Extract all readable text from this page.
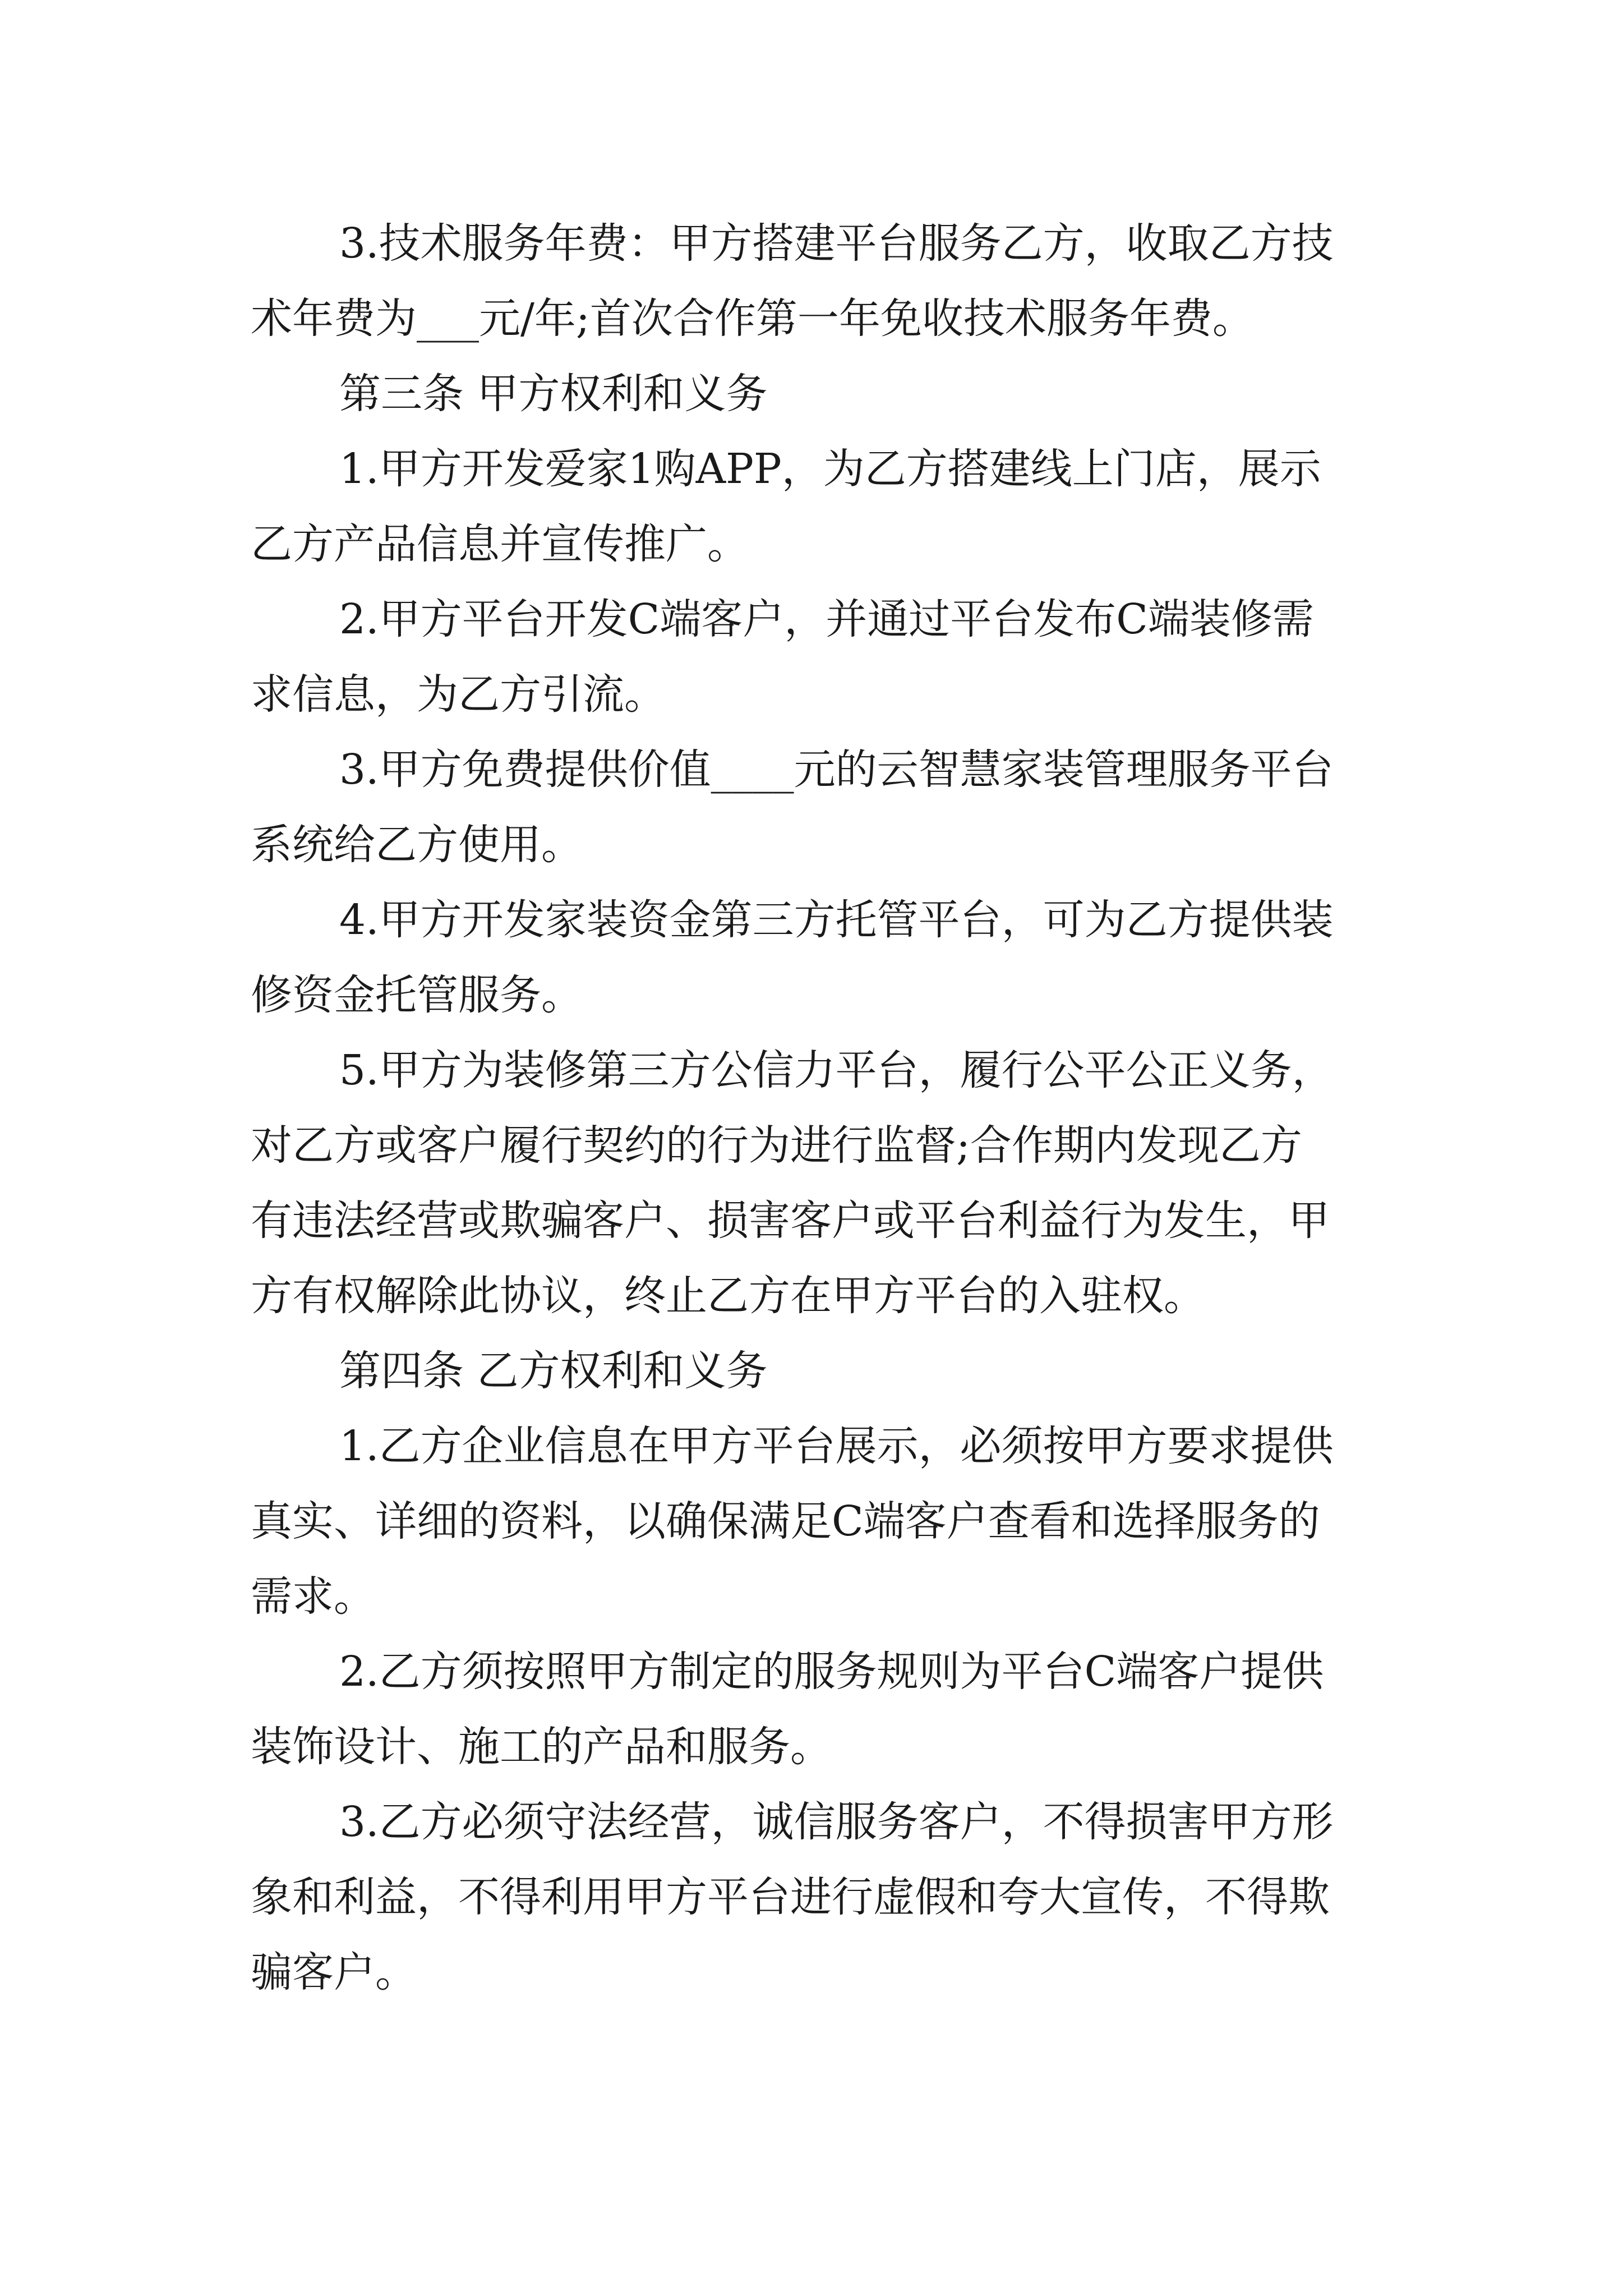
3.技术服务年费：甲方搭建平台服务乙方，收取乙方技
术年费为___元/年;首次合作第一年免收技术服务年费。
第三条 甲方权利和义务
1.甲方开发爱家1购APP，为乙方搭建线上门店，展示
乙方产品信息并宣传推广。
2.甲方平台开发C端客户，并通过平台发布C端装修需
求信息，为乙方引流。
3.甲方免费提供价值____元的云智慧家装管理服务平台
系统给乙方使用。
4.甲方开发家装资金第三方托管平台，可为乙方提供装
修资金托管服务。
5.甲方为装修第三方公信力平台，履行公平公正义务，
对乙方或客户履行契约的行为进行监督;合作期内发现乙方
有违法经营或欺骗客户、损害客户或平台利益行为发生，甲
方有权解除此协议，终止乙方在甲方平台的入驻权。
第四条 乙方权利和义务
1.乙方企业信息在甲方平台展示，必须按甲方要求提供
真实、详细的资料，以确保满足C端客户查看和选择服务的
需求。
2.乙方须按照甲方制定的服务规则为平台C端客户提供
装饰设计、施工的产品和服务。
3.乙方必须守法经营，诚信服务客户，不得损害甲方形
象和利益，不得利用甲方平台进行虚假和夸大宣传，不得欺
骗客户。
